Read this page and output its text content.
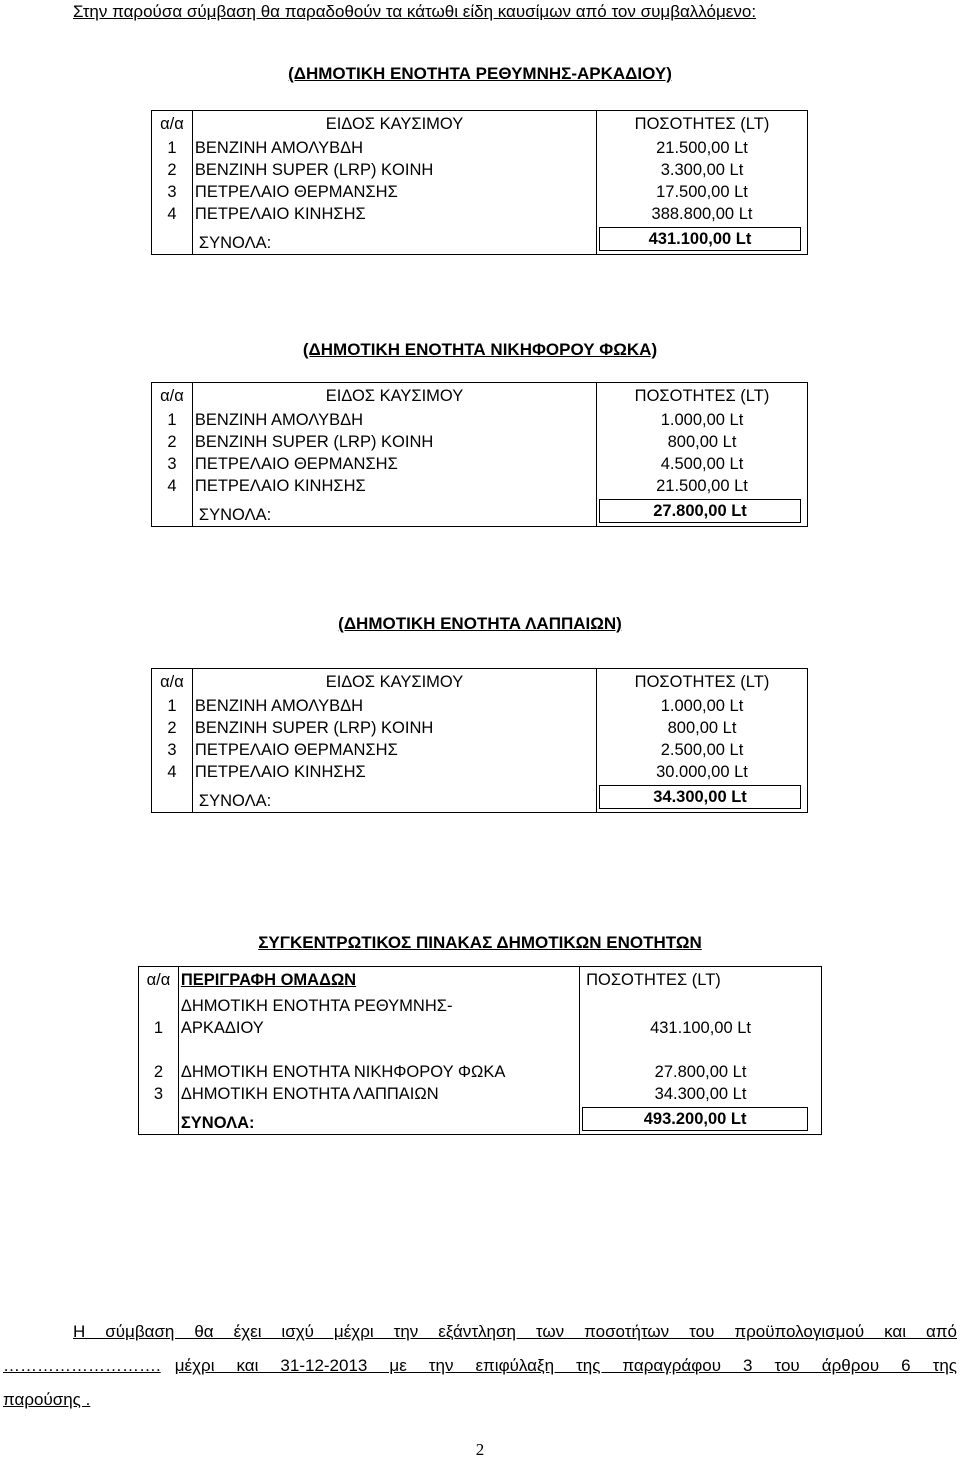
Στην παρούσα σύμβαση θα παραδοθούν τα κάτωθι είδη καυσίμων από τον συμβαλλόμενο:
(ΔΗΜΟΤΙΚΗ ΕΝΟΤΗΤΑ ΡΕΘΥΜΝΗΣ-ΑΡΚΑΔΙΟΥ)
α/α	ΕΙΔΟΣ ΚΑΥΣΙΜΟΥ	ΠΟΣΟΤΗΤΕΣ (LT)
1	ΒΕΝΖΙΝΗ ΑΜΟΛΥΒΔΗ	21.500,00 Lt
2	BENZINH SUPER (LRP) KOINH	3.300,00 Lt
3	ΠΕΤΡΕΛΑΙΟ ΘΕΡΜΑΝΣΗΣ	17.500,00 Lt
4	ΠΕΤΡΕΛΑΙΟ ΚΙΝΗΣΗΣ	388.800,00 Lt
	ΣΥΝΟΛΑ:	431.100,00 Lt
(ΔΗΜΟΤΙΚΗ ΕΝΟΤΗΤΑ ΝΙΚΗΦΟΡΟΥ ΦΩΚΑ)
α/α	ΕΙΔΟΣ ΚΑΥΣΙΜΟΥ	ΠΟΣΟΤΗΤΕΣ (LT)
1	ΒΕΝΖΙΝΗ ΑΜΟΛΥΒΔΗ	1.000,00 Lt
2	BENZINH SUPER (LRP) KOINH	800,00 Lt
3	ΠΕΤΡΕΛΑΙΟ ΘΕΡΜΑΝΣΗΣ	4.500,00 Lt
4	ΠΕΤΡΕΛΑΙΟ ΚΙΝΗΣΗΣ	21.500,00 Lt
	ΣΥΝΟΛΑ:	27.800,00 Lt
(ΔΗΜΟΤΙΚΗ ΕΝΟΤΗΤΑ ΛΑΠΠΑΙΩΝ)
α/α	ΕΙΔΟΣ ΚΑΥΣΙΜΟΥ	ΠΟΣΟΤΗΤΕΣ (LT)
1	ΒΕΝΖΙΝΗ ΑΜΟΛΥΒΔΗ	1.000,00 Lt
2	BENZINH SUPER (LRP) KOINH	800,00 Lt
3	ΠΕΤΡΕΛΑΙΟ ΘΕΡΜΑΝΣΗΣ	2.500,00 Lt
4	ΠΕΤΡΕΛΑΙΟ ΚΙΝΗΣΗΣ	30.000,00 Lt
	ΣΥΝΟΛΑ:	34.300,00 Lt
ΣΥΓΚΕΝΤΡΩΤΙΚΟΣ ΠΙΝΑΚΑΣ ΔΗΜΟΤΙΚΩΝ ΕΝΟΤΗΤΩΝ
α/α	ΠΕΡΙΓΡΑΦΗ ΟΜΑΔΩΝ	ΠΟΣΟΤΗΤΕΣ (LT)
1	ΔΗΜΟΤΙΚΗ ΕΝΟΤΗΤΑ ΡΕΘΥΜΝΗΣ-
ΑΡΚΑΔΙΟΥ	431.100,00 Lt

2	ΔΗΜΟΤΙΚΗ ΕΝΟΤΗΤΑ ΝΙΚΗΦΟΡΟΥ ΦΩΚΑ	27.800,00 Lt
3	ΔΗΜΟΤΙΚΗ ΕΝΟΤΗΤΑ ΛΑΠΠΑΙΩΝ	34.300,00 Lt
	ΣΥΝΟΛΑ:	493.200,00 Lt
Η σύμβαση θα έχει ισχύ μέχρι την εξάντληση των ποσοτήτων του προϋπολογισμού και από
………………………. μέχρι και 31-12-2013 με την επιφύλαξη της παραγράφου 3 του άρθρου 6 της
παρούσης .
2
